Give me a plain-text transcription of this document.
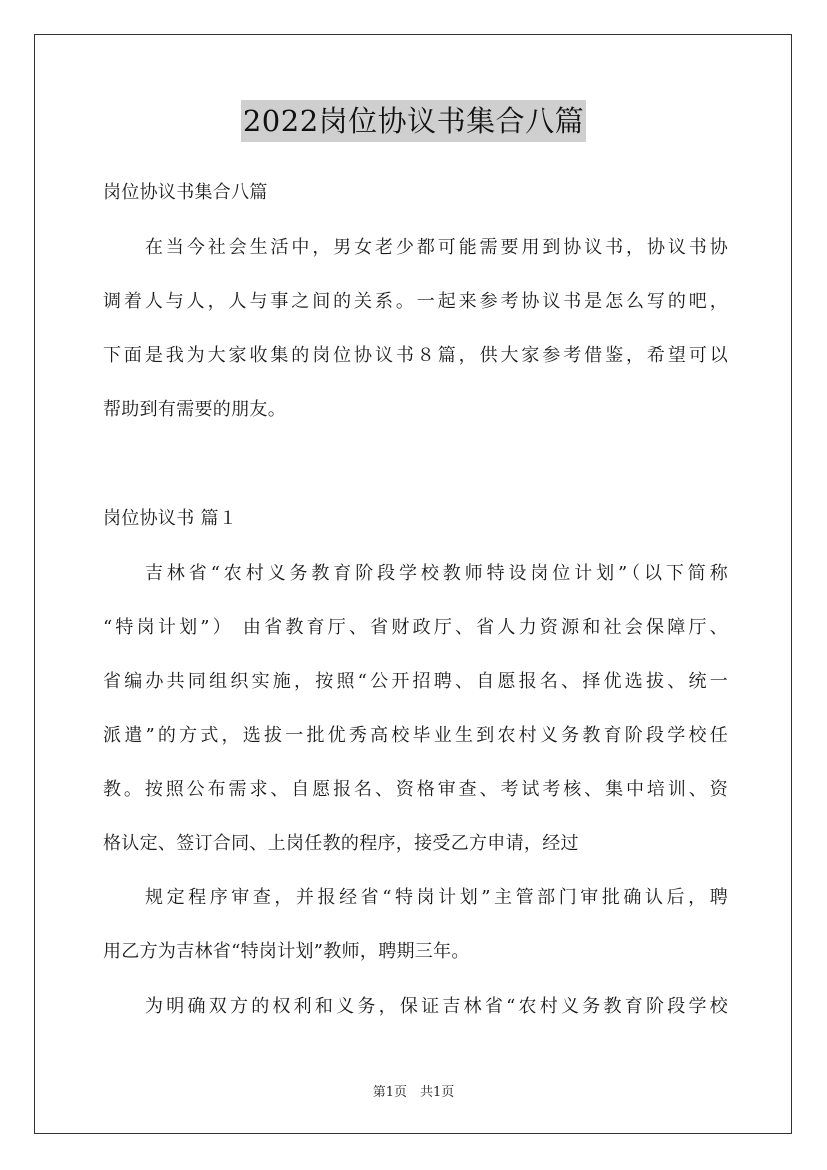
2022岗位协议书集合八篇
岗位协议书集合八篇
在当今社会生活中，男女老少都可能需要用到协议书，协议书协
调着人与人，人与事之间的关系。一起来参考协议书是怎么写的吧，
下面是我为大家收集的岗位协议书８篇，供大家参考借鉴，希望可以
帮助到有需要的朋友。
岗位协议书 篇１
吉林省“农村义务教育阶段学校教师特设岗位计划”（以下简称
“特岗计划”） 由省教育厅、省财政厅、省人力资源和社会保障厅、
省编办共同组织实施，按照“公开招聘、自愿报名、择优选拔、统一
派遣”的方式，选拔一批优秀高校毕业生到农村义务教育阶段学校任
教。按照公布需求、自愿报名、资格审查、考试考核、集中培训、资
格认定、签订合同、上岗任教的程序，接受乙方申请，经过
规定程序审查，并报经省“特岗计划”主管部门审批确认后，聘
用乙方为吉林省“特岗计划”教师，聘期三年。
为明确双方的权利和义务，保证吉林省“农村义务教育阶段学校
第1页　共1页
